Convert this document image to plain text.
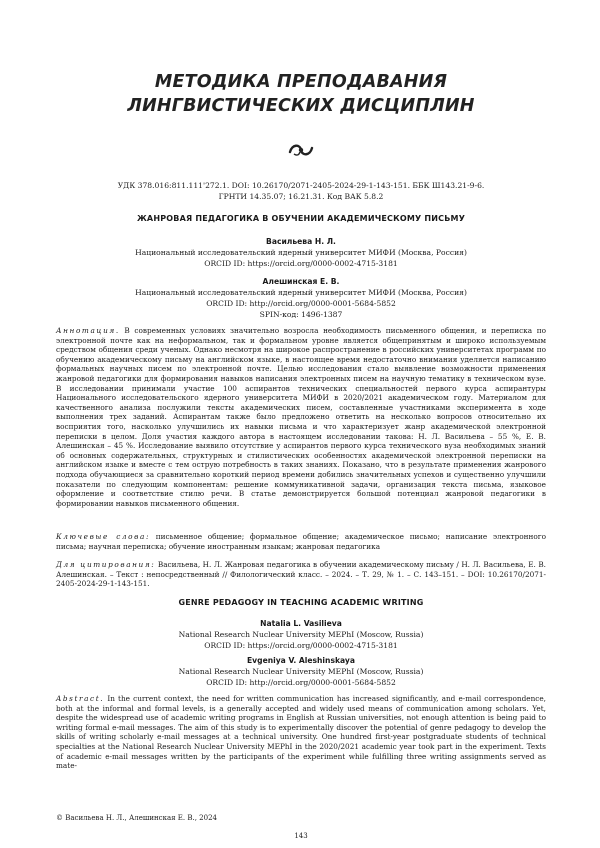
МЕТОДИКА ПРЕПОДАВАНИЯ
ЛИНГВИСТИЧЕСКИХ ДИСЦИПЛИН
УДК 378.016:811.111'272.1. DOI: 10.26170/2071-2405-2024-29-1-143-151. ББК Ш143.21-9-6.
ГРНТИ 14.35.07; 16.21.31. Код ВАК 5.8.2
ЖАНРОВАЯ ПЕДАГОГИКА В ОБУЧЕНИИ АКАДЕМИЧЕСКОМУ ПИСЬМУ
Васильева Н. Л.
Национальный исследовательский ядерный университет МИФИ (Москва, Россия)
ORCID ID: https://orcid.org/0000-0002-4715-3181
Алешинская Е. В.
Национальный исследовательский ядерный университет МИФИ (Москва, Россия)
ORCID ID: http://orcid.org/0000-0001-5684-5852
SPIN-код: 1496-1387
Аннотация. В современных условиях значительно возросла необходимость письменного общения, и переписка по электронной почте как на неформальном, так и формальном уровне является общепринятым и широко используемым средством общения среди ученых. Однако несмотря на широкое распространение в российских университетах программ по обучению академическому письму на английском языке, в настоящее время недостаточно внимания уделяется написанию формальных научных писем по электронной почте. Целью исследования стало выявление возможности применения жанровой педагогики для формирования навыков написания электронных писем на научную тематику в техническом вузе. В исследовании принимали участие 100 аспирантов технических специальностей первого курса аспирантуры Национального исследовательского ядерного университета МИФИ в 2020/2021 академическом году. Материалом для качественного анализа послужили тексты академических писем, составленные участниками эксперимента в ходе выполнения трех заданий. Аспирантам также было предложено ответить на несколько вопросов относительно их восприятия того, насколько улучшились их навыки письма и что характеризует жанр академической электронной переписки в целом. Доля участия каждого автора в настоящем исследовании такова: Н. Л. Васильева – 55 %, Е. В. Алешинская – 45 %. Исследование выявило отсутствие у аспирантов первого курса технического вуза необходимых знаний об основных содержательных, структурных и стилистических особенностях академической электронной переписки на английском языке и вместе с тем острую потребность в таких знаниях. Показано, что в результате применения жанрового подхода обучающиеся за сравнительно короткий период времени добились значительных успехов и существенно улучшили показатели по следующим компонентам: решение коммуникативной задачи, организация текста письма, языковое оформление и соответствие стилю речи. В статье демонстрируется большой потенциал жанровой педагогики в формировании навыков письменного общения.
Ключевые слова: письменное общение; формальное общение; академическое письмо; написание электронного письма; научная переписка; обучение иностранным языкам; жанровая педагогика
Для цитирования: Васильева, Н. Л. Жанровая педагогика в обучении академическому письму / Н. Л. Васильева, Е. В. Алешинская. – Текст : непосредственный // Филологический класс. – 2024. – Т. 29, № 1. – С. 143–151. – DOI: 10.26170/2071-2405-2024-29-1-143-151.
GENRE PEDAGOGY IN TEACHING ACADEMIC WRITING
Natalia L. Vasilieva
National Research Nuclear University MEPhI (Moscow, Russia)
ORCID ID: https://orcid.org/0000-0002-4715-3181
Evgeniya V. Aleshinskaya
National Research Nuclear University MEPhI (Moscow, Russia)
ORCID ID: http://orcid.org/0000-0001-5684-5852
Abstract. In the current context, the need for written communication has increased significantly, and e-mail correspondence, both at the informal and formal levels, is a generally accepted and widely used means of communication among scholars. Yet, despite the widespread use of academic writing programs in English at Russian universities, not enough attention is being paid to writing formal e-mail messages. The aim of this study is to experimentally discover the potential of genre pedagogy to develop the skills of writing scholarly e-mail messages at a technical university. One hundred first-year postgraduate students of technical specialties at the National Research Nuclear University MEPhI in the 2020/2021 academic year took part in the experiment. Texts of academic e-mail messages written by the participants of the experiment while fulfilling three writing assignments served as mate-
© Васильева Н. Л., Алешинская Е. В., 2024
143
